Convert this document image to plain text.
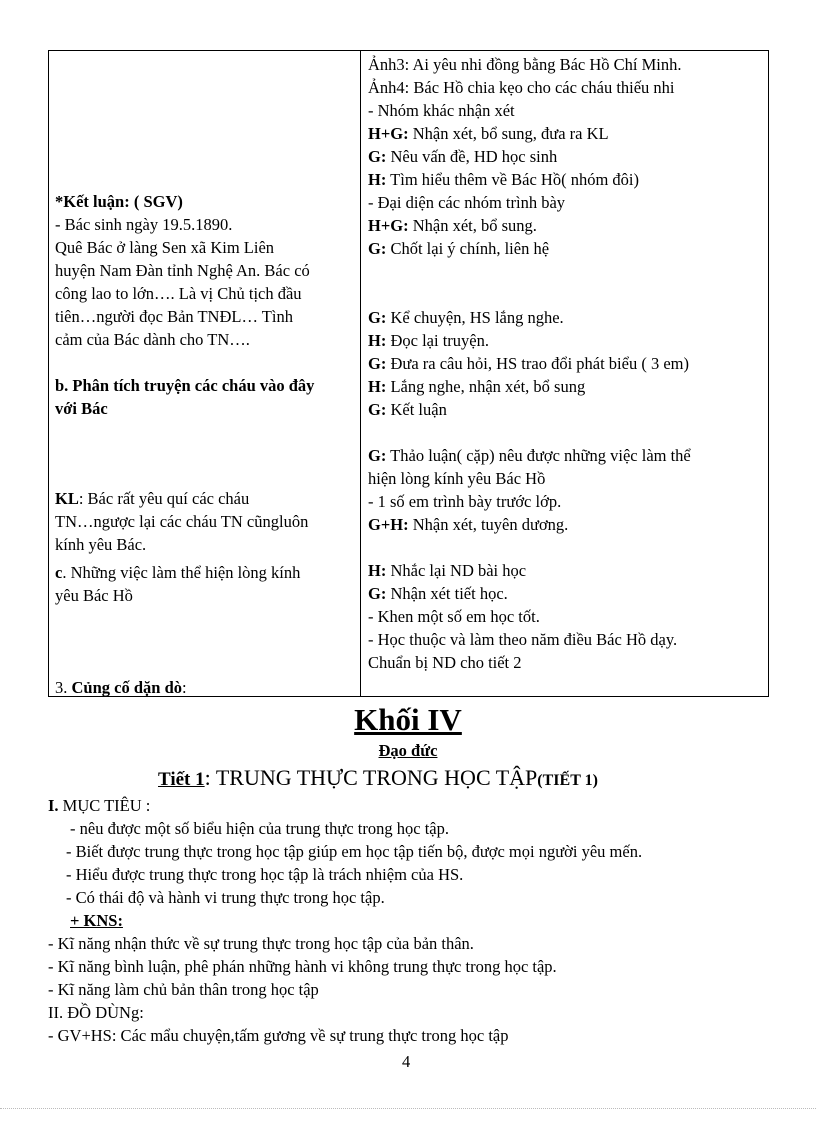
*Kết luận: ( SGV)
- Bác sinh ngày 19.5.1890.
Quê Bác ở làng Sen xã Kim Liên
huyện Nam Đàn tỉnh Nghệ An. Bác có
công lao to lớn…. Là vị Chủ tịch đầu
tiên…người đọc Bản TNĐL… Tình
cảm của Bác dành cho TN….
b. Phân tích truyện các cháu vào đây
với Bác
KL: Bác rất yêu quí các cháu
TN…ngược lại các cháu TN cũngluôn
kính yêu Bác.
c. Những việc làm thể hiện lòng kính
yêu Bác Hồ
3. Củng cố dặn dò:
Ảnh3: Ai yêu nhi đồng bằng Bác Hồ Chí Minh.
Ảnh4: Bác Hồ chia kẹo cho các cháu thiếu nhi
- Nhóm khác nhận xét
H+G: Nhận xét, bổ sung, đưa ra KL
G: Nêu vấn đề, HD học sinh
H: Tìm hiểu thêm về Bác Hồ( nhóm đôi)
- Đại diện các nhóm trình bày
H+G: Nhận xét, bổ sung.
G: Chốt lại ý chính, liên hệ
G: Kể chuyện, HS lắng nghe.
H: Đọc lại truyện.
G: Đưa ra câu hỏi, HS trao đổi phát biểu ( 3 em)
H: Lắng nghe, nhận xét, bổ sung
G: Kết luận
G: Thảo luận( cặp) nêu được những việc làm thể
hiện lòng kính yêu Bác Hồ
- 1 số em trình bày trước lớp.
G+H: Nhận xét, tuyên dương.
H: Nhắc lại ND bài học
G: Nhận xét tiết học.
- Khen một số em học tốt.
- Học thuộc và làm theo năm điều Bác Hồ dạy.
Chuẩn bị ND cho tiết 2
Khối IV
Đạo đức
Tiết 1: TRUNG THỰC TRONG HỌC TẬP(TIẾT 1)
I. MỤC TIÊU :
- nêu được một số biểu hiện của trung thực trong học tập.
- Biết được trung thực trong học tập giúp em học tập tiến bộ, được mọi người yêu mến.
- Hiểu được trung thực trong học tập là trách nhiệm của HS.
- Có thái độ và hành vi trung thực trong học tập.
+ KNS:
- Kĩ năng nhận thức về sự trung thực trong học tập của bản thân.
- Kĩ năng bình luận, phê phán những hành vi không trung thực trong học tập.
- Kĩ năng làm chủ bản thân trong học tập
II. ĐỒ DÙNg:
- GV+HS: Các mẩu chuyện,tấm gương về sự trung thực trong học tập
4
